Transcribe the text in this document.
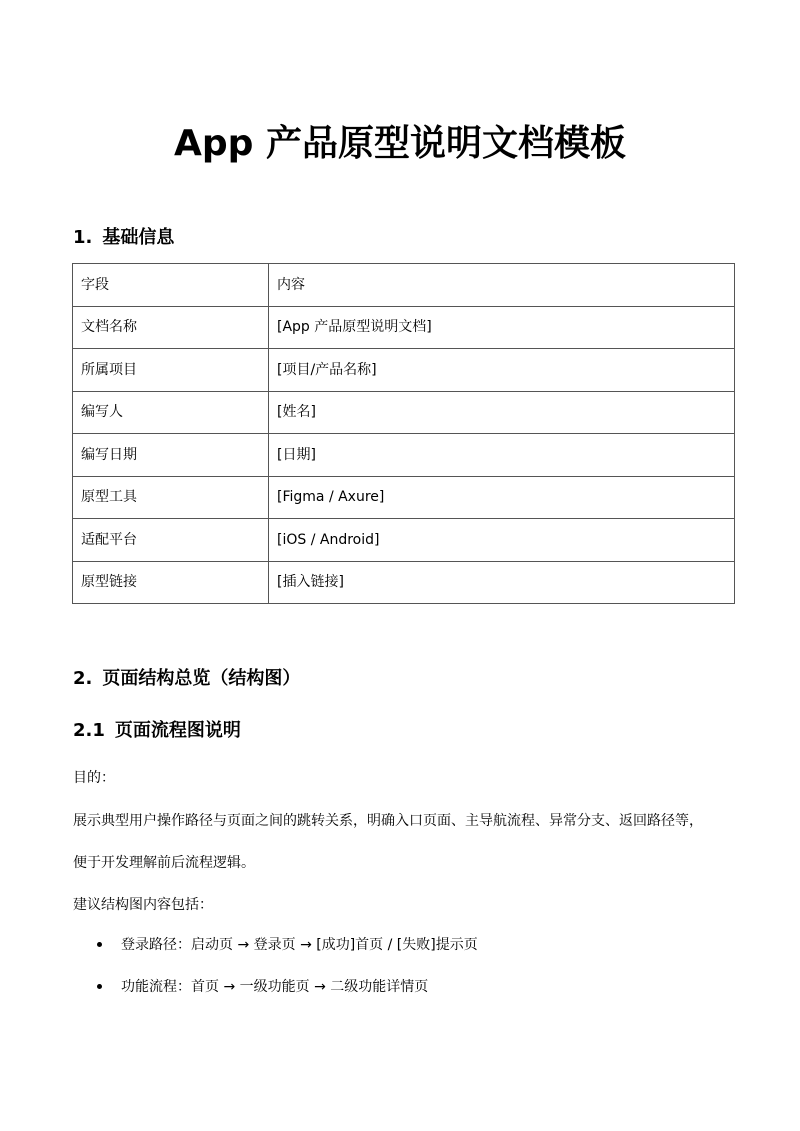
App 产品原型说明文档模板
1. 基础信息
字段	内容
文档名称	[App 产品原型说明文档]
所属项目	[项目/产品名称]
编写人	[姓名]
编写日期	[日期]
原型工具	[Figma / Axure]
适配平台	[iOS / Android]
原型链接	[插入链接]
2. 页面结构总览（结构图）
2.1 页面流程图说明
目的：
展示典型用户操作路径与页面之间的跳转关系，明确入口页面、主导航流程、异常分支、返回路径等，
便于开发理解前后流程逻辑。
建议结构图内容包括：
登录路径：启动页 → 登录页 → [成功]首页 / [失败]提示页
功能流程：首页 → 一级功能页 → 二级功能详情页
